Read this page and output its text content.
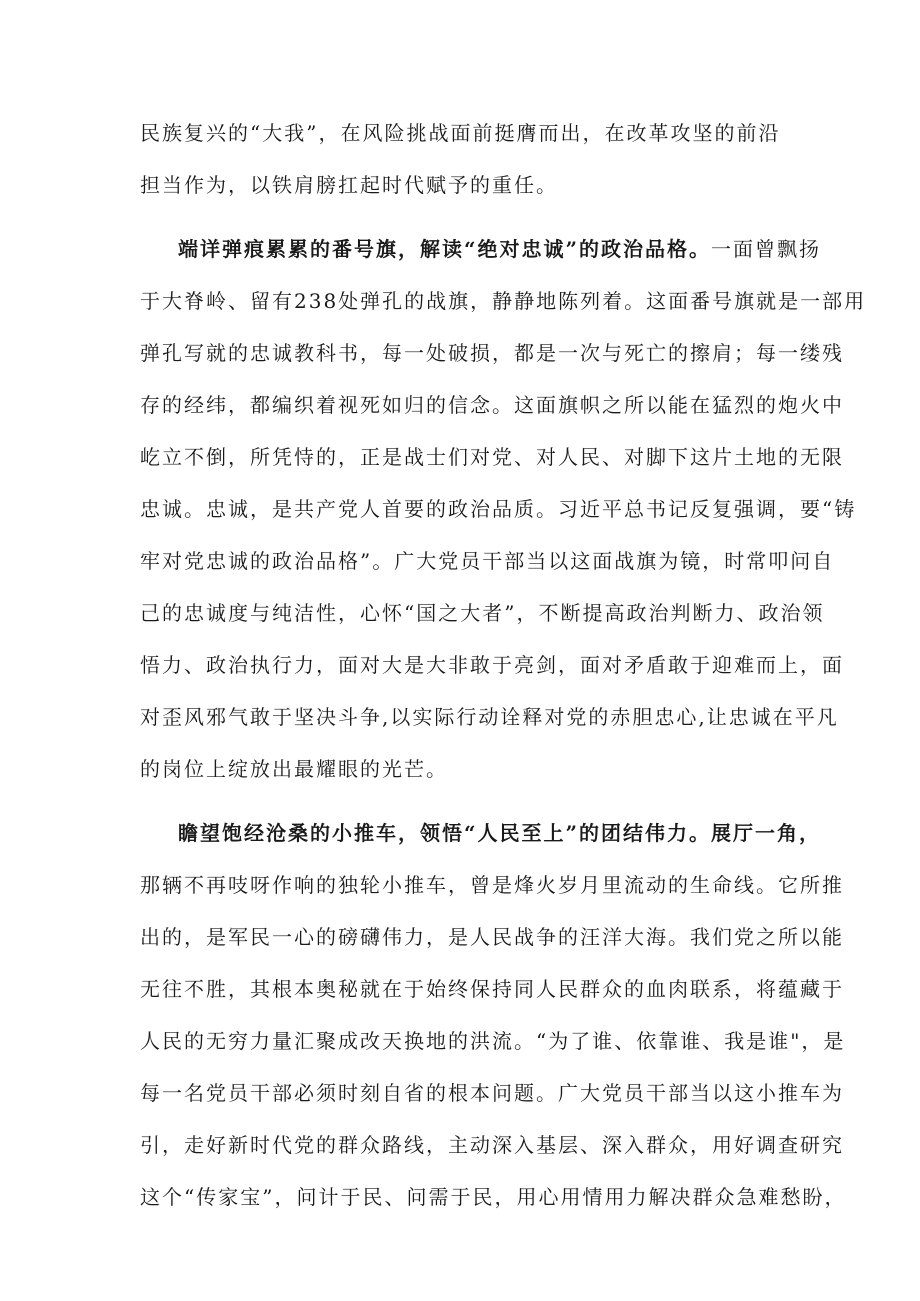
民族复兴的“大我”，在风险挑战面前挺膺而出，在改革攻坚的前沿
担当作为，以铁肩膀扛起时代赋予的重任。
端详弹痕累累的番号旗，解读“绝对忠诚”的政治品格。一面曾飘扬
于大脊岭、留有238处弹孔的战旗，静静地陈列着。这面番号旗就是一部用
弹孔写就的忠诚教科书，每一处破损，都是一次与死亡的擦肩；每一缕残
存的经纬，都编织着视死如归的信念。这面旗帜之所以能在猛烈的炮火中
屹立不倒，所凭恃的，正是战士们对党、对人民、对脚下这片土地的无限
忠诚。忠诚，是共产党人首要的政治品质。习近平总书记反复强调，要“铸
牢对党忠诚的政治品格”。广大党员干部当以这面战旗为镜，时常叩问自
己的忠诚度与纯洁性，心怀“国之大者”，不断提高政治判断力、政治领
悟力、政治执行力，面对大是大非敢于亮剑，面对矛盾敢于迎难而上，面
对歪风邪气敢于坚决斗争,以实际行动诠释对党的赤胆忠心,让忠诚在平凡
的岗位上绽放出最耀眼的光芒。
瞻望饱经沧桑的小推车，领悟“人民至上”的团结伟力。展厅一角，
那辆不再吱呀作响的独轮小推车，曾是烽火岁月里流动的生命线。它所推
出的，是军民一心的磅礴伟力，是人民战争的汪洋大海。我们党之所以能
无往不胜，其根本奥秘就在于始终保持同人民群众的血肉联系，将蕴藏于
人民的无穷力量汇聚成改天换地的洪流。“为了谁、依靠谁、我是谁"，是
每一名党员干部必须时刻自省的根本问题。广大党员干部当以这小推车为
引，走好新时代党的群众路线，主动深入基层、深入群众，用好调查研究
这个“传家宝”，问计于民、问需于民，用心用情用力解决群众急难愁盼，
